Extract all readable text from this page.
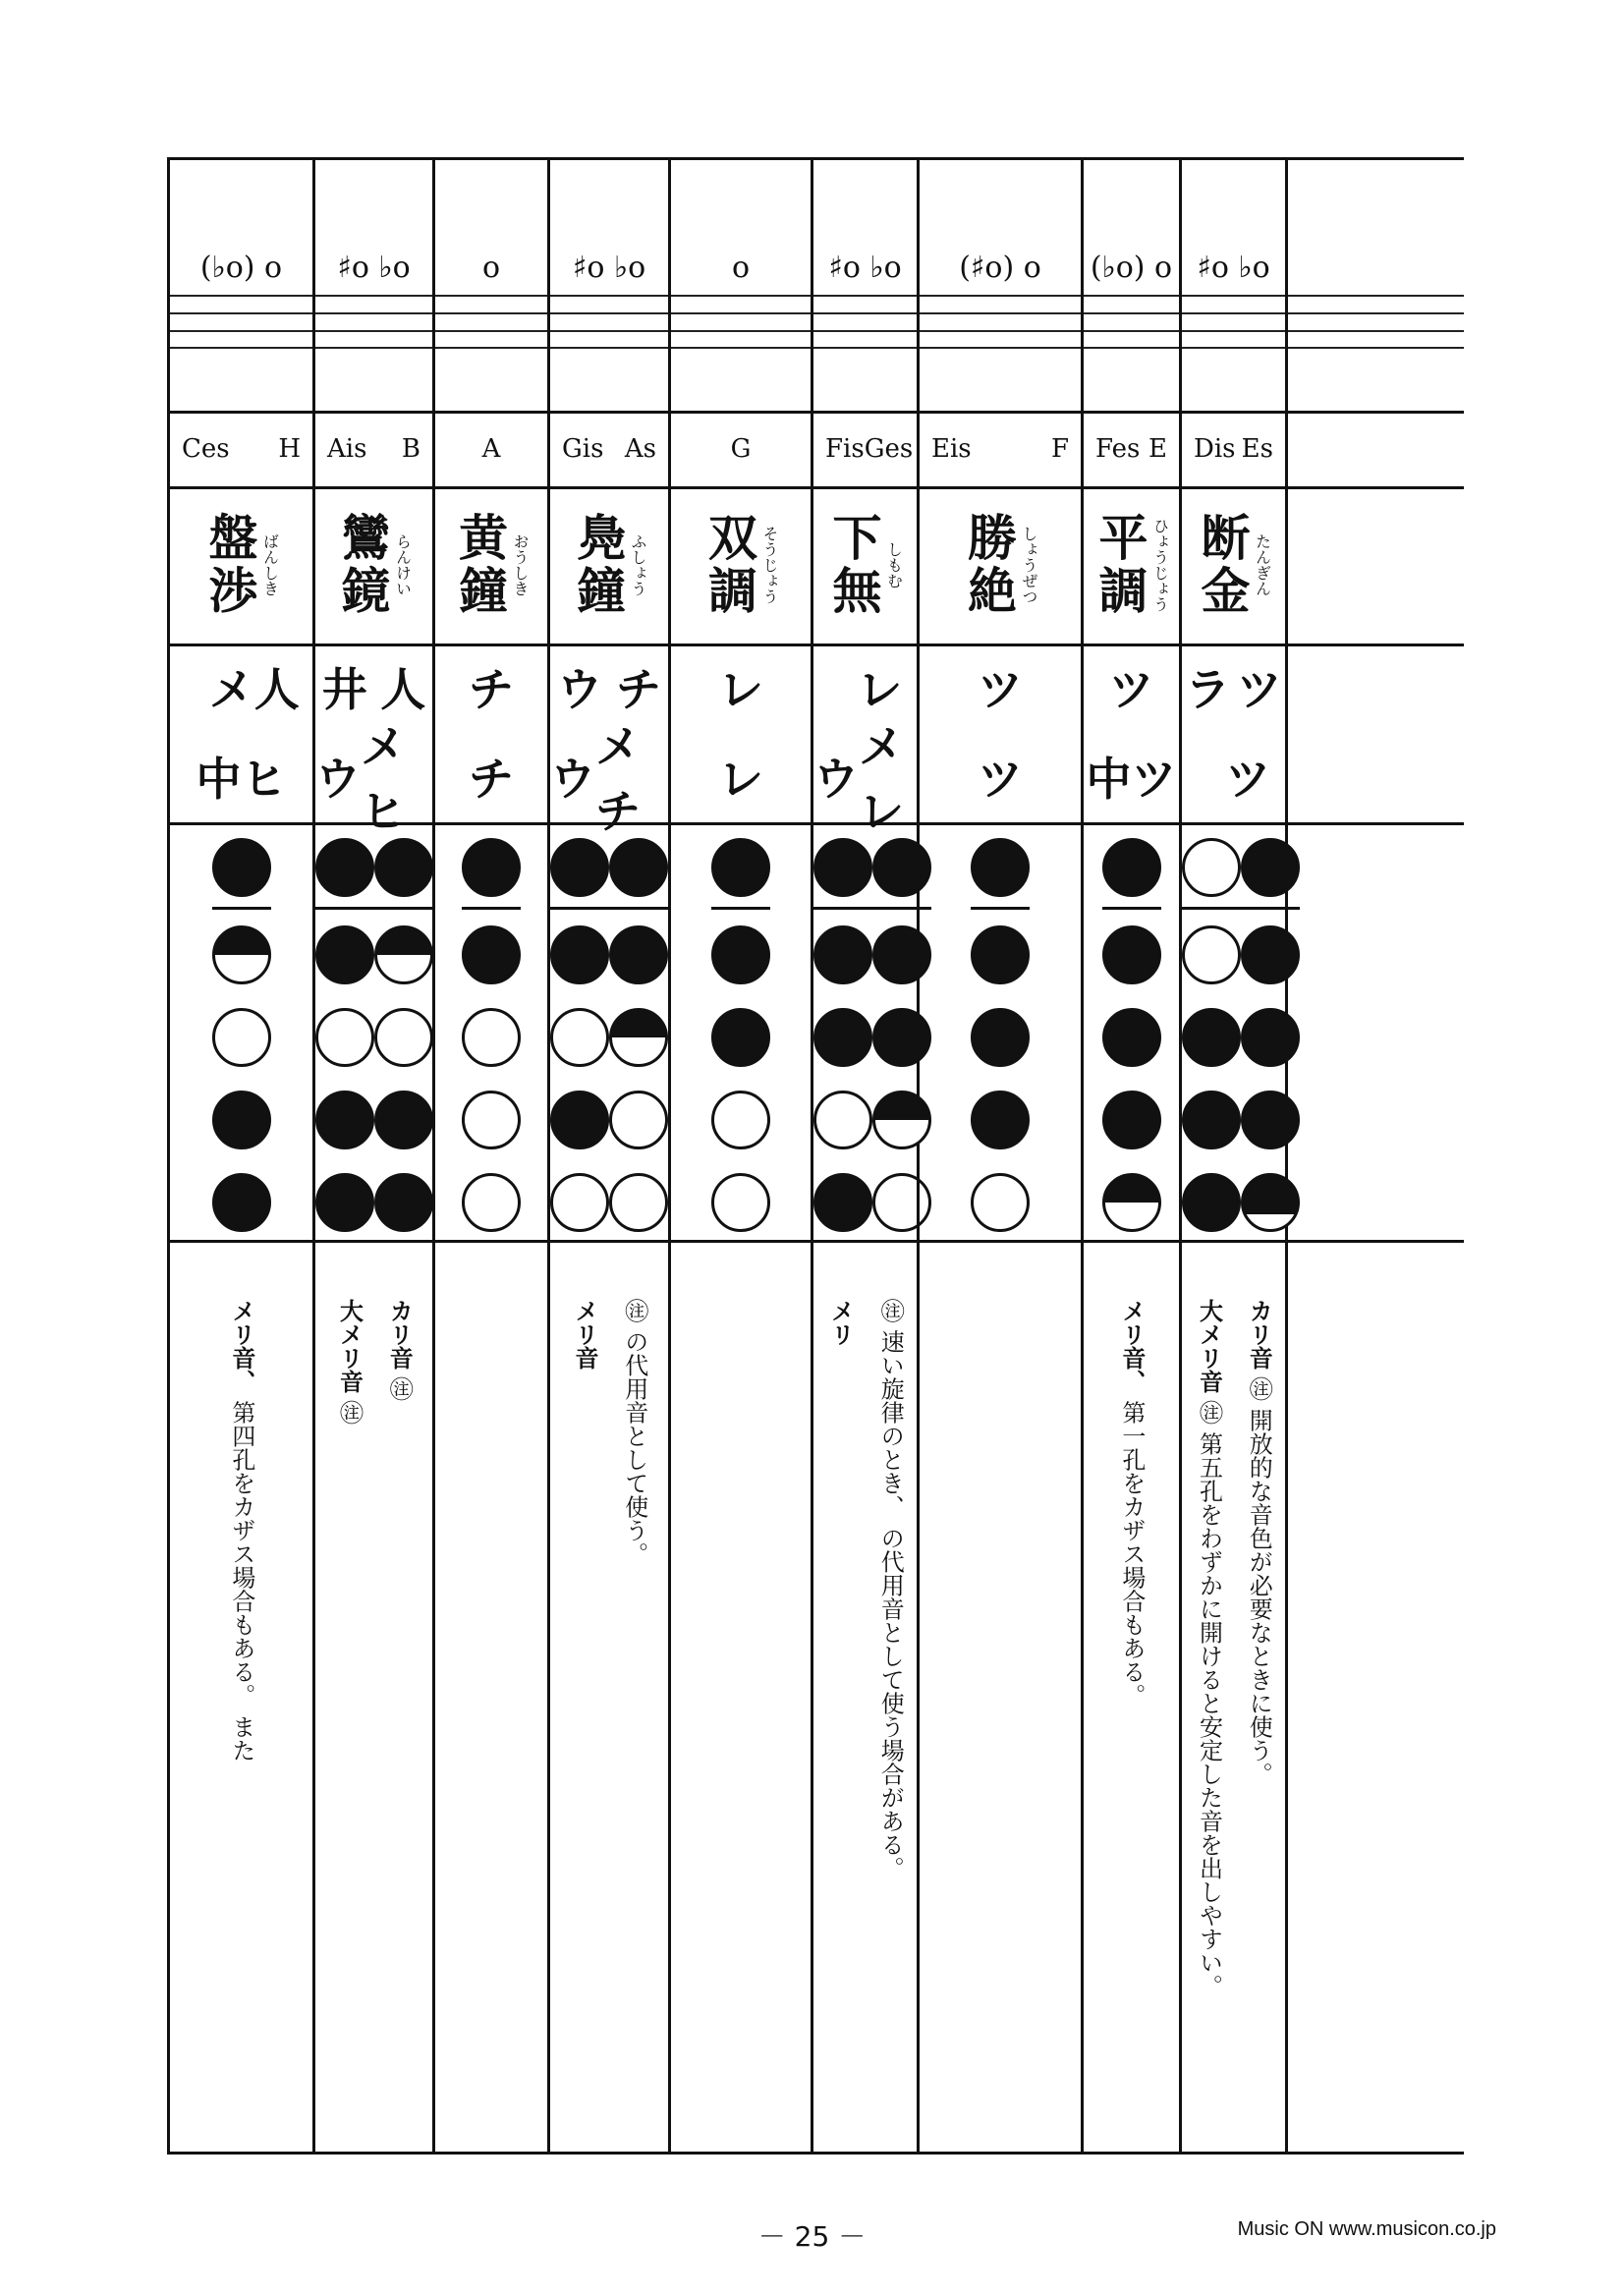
(♭o) o
Ces H
盤渉 ばんしき
メ人
中ヒ
メリ音、 第四孔をカザス場合もある。 また
♯o ♭o
Ais B
鸞鏡 らんけい
井 人
ウ
メヒ
カリ音 ㊟
大メリ音 ㊟
o
A
黄鐘 おうしき
チ
チ
♯o ♭o
Gis As
鳧鐘 ふしょう
ウ チ
ウ
メチ
㊟ の代用音として使う。
メリ音
o
G
双調 そうじょう
レ
レ
♯o ♭o
Fis Ges
下無 しもむ
レ
ウ
メレ
㊟ 速い旋律のとき、 の代用音として使う場合がある。
メリ
(♯o) o
Eis	F
勝絶 しょうぜつ
ツ
ツ
(♭o) o
Fes E
平調 ひょうじょう
ツ
中ツ
メリ音、 第一孔をカザス場合もある。
♯o ♭o
Dis Es
断金 たんぎん
ラ ツ
ツ
カリ音 ㊟ 開放的な音色が必要なときに使う。
大メリ音 ㊟ 第五孔をわずかに開けると安定した音を出しやすい。
－ 25 －	Music ON www.musicon.co.jp
